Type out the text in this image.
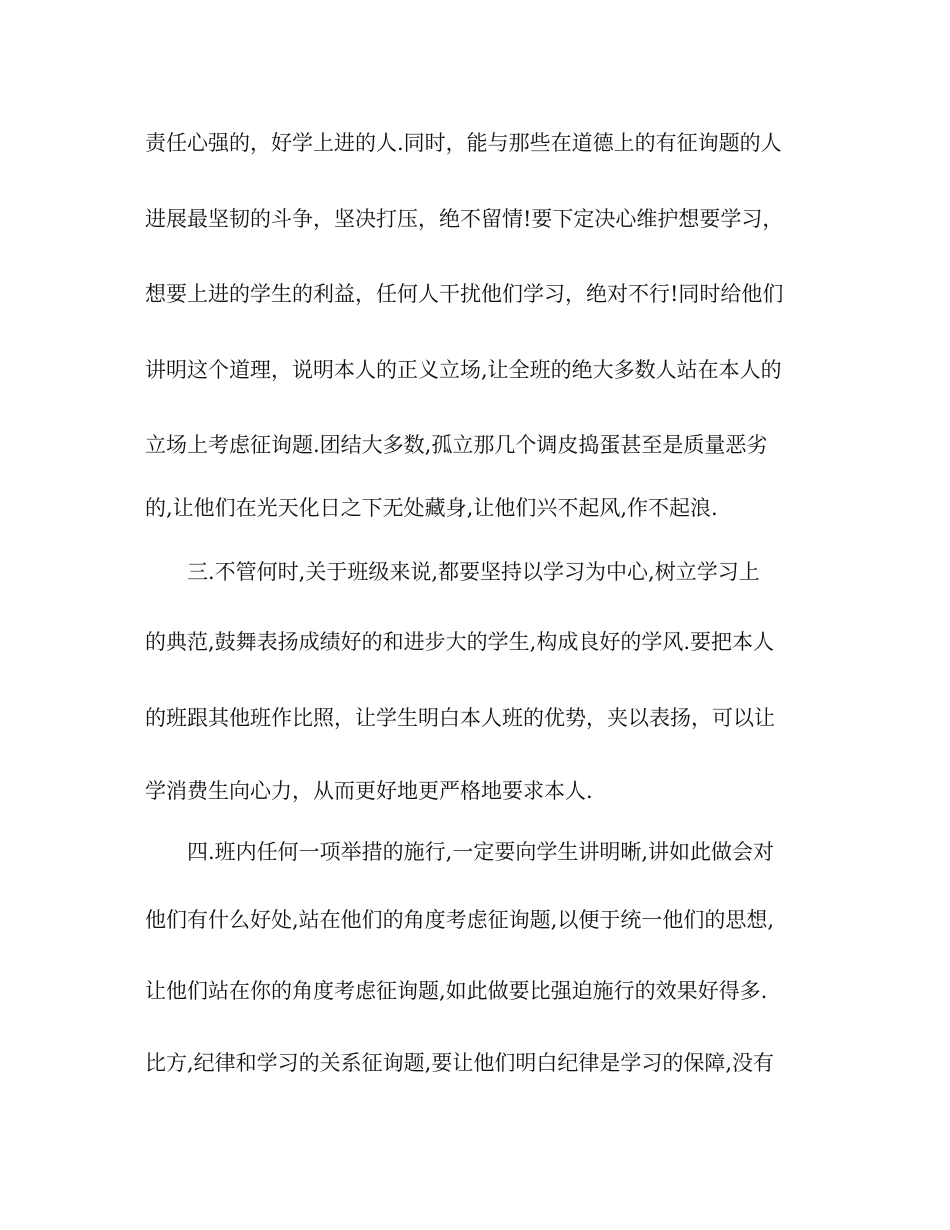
责任心强的，好学上进的人.同时，能与那些在道德上的有征询题的人
进展最坚韧的斗争，坚决打压，绝不留情!要下定决心维护想要学习，
想要上进的学生的利益，任何人干扰他们学习，绝对不行!同时给他们
讲明这个道理，说明本人的正义立场,让全班的绝大多数人站在本人的
立场上考虑征询题.团结大多数,孤立那几个调皮捣蛋甚至是质量恶劣
的,让他们在光天化日之下无处藏身,让他们兴不起风,作不起浪.
三.不管何时,关于班级来说,都要坚持以学习为中心,树立学习上
的典范,鼓舞表扬成绩好的和进步大的学生,构成良好的学风.要把本人
的班跟其他班作比照，让学生明白本人班的优势，夹以表扬，可以让
学消费生向心力，从而更好地更严格地要求本人.
四.班内任何一项举措的施行,一定要向学生讲明晰,讲如此做会对
他们有什么好处,站在他们的角度考虑征询题,以便于统一他们的思想,
让他们站在你的角度考虑征询题,如此做要比强迫施行的效果好得多.
比方,纪律和学习的关系征询题,要让他们明白纪律是学习的保障,没有
